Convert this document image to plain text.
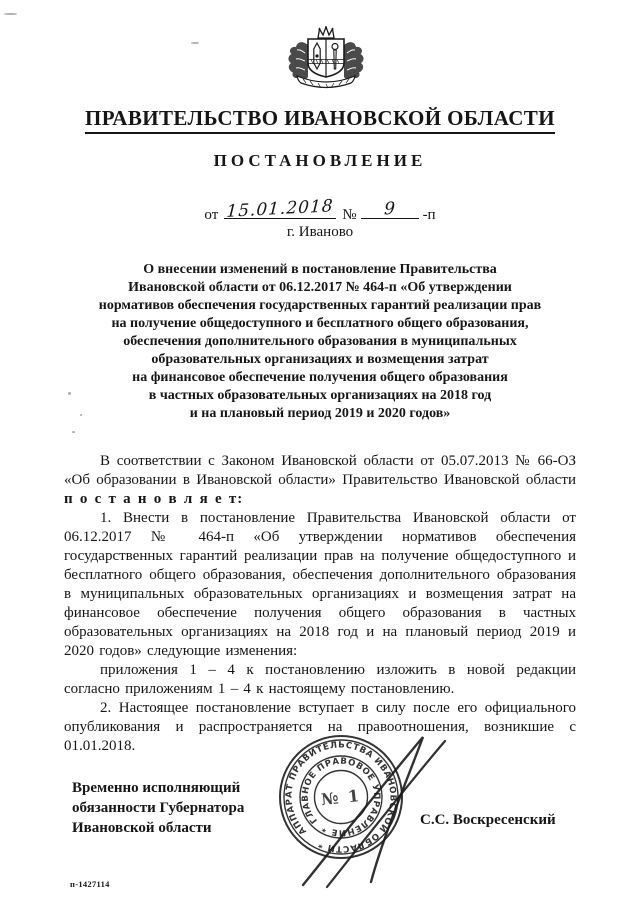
ПРАВИТЕЛЬСТВО ИВАНОВСКОЙ ОБЛАСТИ
ПОСТАНОВЛЕНИЕ
от 15.01.2018 №	9	-п
г. Иваново
О внесении изменений в постановление Правительства
Ивановской области от 06.12.2017 № 464-п «Об утверждении
нормативов обеспечения государственных гарантий реализации прав
на получение общедоступного и бесплатного общего образования,
обеспечения дополнительного образования в муниципальных
образовательных организациях и возмещения затрат
на финансовое обеспечение получения общего образования
в частных образовательных организациях на 2018 год
и на плановый период 2019 и 2020 годов»

В соответствии с Законом Ивановской области от 05.07.2013 № 66-ОЗ «Об образовании в Ивановской области» Правительство Ивановской области п о с т а н о в л я е т:

1. Внести в постановление Правительства Ивановской области от 06.12.2017 № 464-п «Об утверждении нормативов обеспечения государственных гарантий реализации прав на получение общедоступного и бесплатного общего образования, обеспечения дополнительного образования в муниципальных образовательных организациях и возмещения затрат на финансовое обеспечение получения общего образования в частных образовательных организациях на 2018 год и на плановый период 2019 и 2020 годов» следующие изменения:

приложения 1 – 4 к постановлению изложить в новой редакции согласно приложениям 1 – 4 к настоящему постановлению.

2. Настоящее постановление вступает в силу после его официального опубликования и распространяется на правоотношения, возникшие с 01.01.2018.

АППАРАТ ПРАВИТЕЛЬСТВА ИВАНОВСКОЙ ОБЛАСТИ *
ГЛАВНОЕ ПРАВОВОЕ УПРАВЛЕНИЕ *
№ 1
Временно исполняющий
обязанности Губернатора
Ивановской области	С.С. Воскресенский
п-1427114
